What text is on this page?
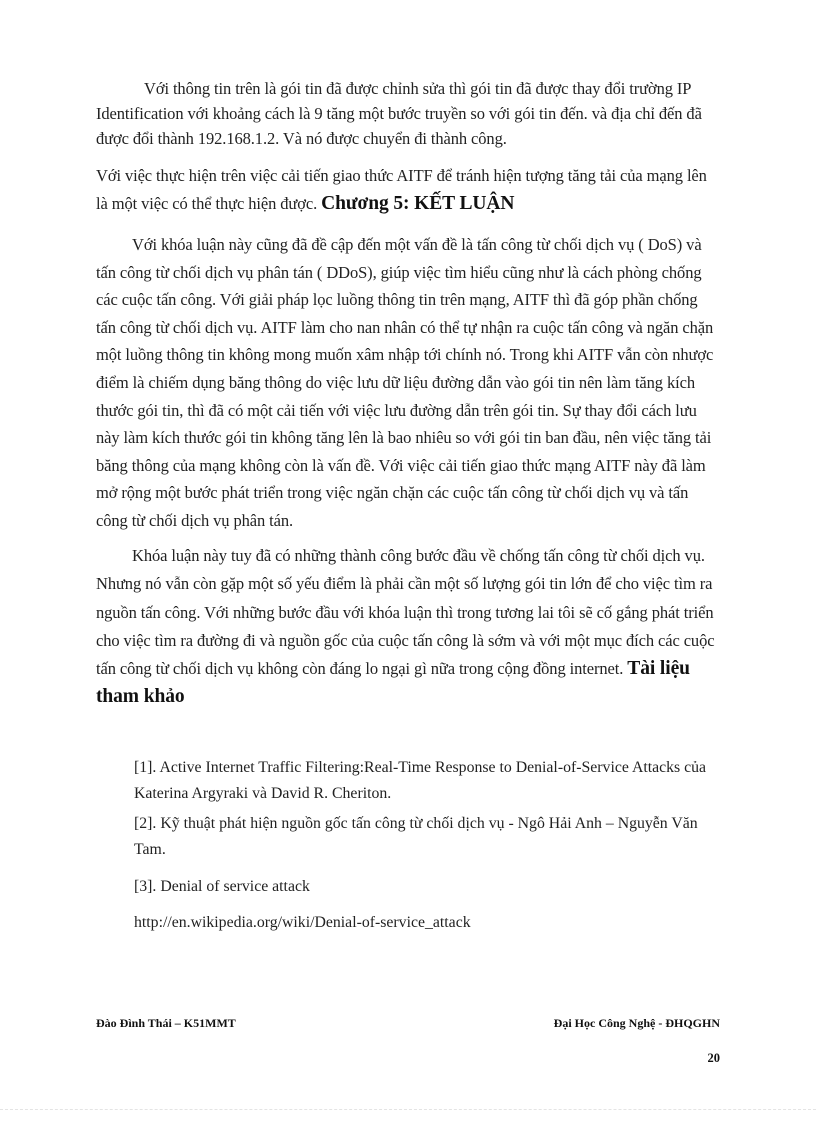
Với thông tin trên là gói tin đã được chỉnh sửa thì gói tin đã được thay đổi trường IP Identification với khoảng cách là 9 tăng một bước truyền so với gói tin đến. và địa chỉ đến đã được đổi thành 192.168.1.2. Và nó được chuyển đi thành công.

Với việc thực hiện trên việc cải tiến giao thức AITF để tránh hiện tượng tăng tải của mạng lên là một việc có thể thực hiện được. Chương 5: KẾT LUẬN

Với khóa luận này cũng đã đề cập đến một vấn đề là tấn công từ chối dịch vụ ( DoS) và tấn công từ chối dịch vụ phân tán ( DDoS), giúp việc tìm hiểu cũng như là cách phòng chống các cuộc tấn công. Với giải pháp lọc luồng thông tin trên mạng, AITF thì đã góp phần chống tấn công từ chối dịch vụ. AITF làm cho nan nhân có thể tự nhận ra cuộc tấn công và ngăn chặn một luồng thông tin không mong muốn xâm nhập tới chính nó. Trong khi AITF vẫn còn nhược điểm là chiếm dụng băng thông do việc lưu dữ liệu đường dẫn vào gói tin nên làm tăng kích thước gói tin, thì đã có một cải tiến với việc lưu đường dẫn trên gói tin. Sự thay đổi cách lưu này làm kích thước gói tin không tăng lên là bao nhiêu so với gói tin ban đầu, nên việc tăng tải băng thông của mạng không còn là vấn đề. Với việc cải tiến giao thức mạng AITF này đã làm mở rộng một bước phát triển trong việc ngăn chặn các cuộc tấn công từ chối dịch vụ và tấn công từ chối dịch vụ phân tán.

Khóa luận này tuy đã có những thành công bước đầu về chống tấn công từ chối dịch vụ. Nhưng nó vẫn còn gặp một số yếu điểm là phải cần một số lượng gói tin lớn để cho việc tìm ra nguồn tấn công. Với những bước đầu với khóa luận thì trong tương lai tôi sẽ cố gắng phát triển cho việc tìm ra đường đi và nguồn gốc của cuộc tấn công là sớm và với một mục đích các cuộc tấn công từ chối dịch vụ không còn đáng lo ngại gì nữa trong cộng đồng internet. Tài liệu tham khảo

[1]. Active Internet Traffic Filtering:Real-Time Response to Denial-of-Service Attacks của Katerina Argyraki và David R. Cheriton.

[2]. Kỹ thuật phát hiện nguồn gốc tấn công từ chối dịch vụ - Ngô Hải Anh – Nguyễn Văn Tam.

[3]. Denial of service attack

http://en.wikipedia.org/wiki/Denial-of-service_attack

Đào Đình Thái – K51MMT	Đại Học Công Nghệ - ĐHQGHN
20
